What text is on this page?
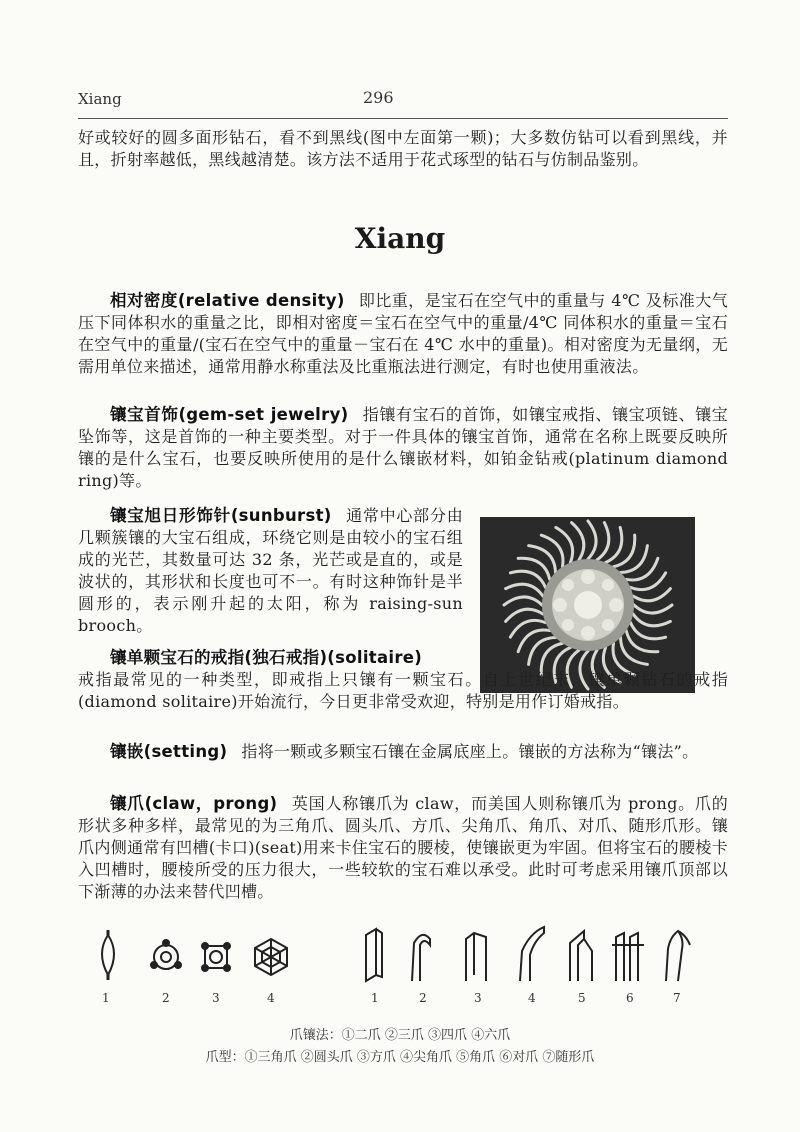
Xiang	296

好或较好的圆多面形钻石，看不到黑线(图中左面第一颗)；大多数仿钻可以看到黑线，并且，折射率越低，黑线越清楚。该方法不适用于花式琢型的钻石与仿制品鉴别。

Xiang

相对密度(relative density) 即比重，是宝石在空气中的重量与 4℃ 及标准大气压下同体积水的重量之比，即相对密度＝宝石在空气中的重量/4℃ 同体积水的重量＝宝石在空气中的重量/(宝石在空气中的重量－宝石在 4℃ 水中的重量)。相对密度为无量纲，无需用单位来描述，通常用静水称重法及比重瓶法进行测定，有时也使用重液法。

镶宝首饰(gem-set jewelry) 指镶有宝石的首饰，如镶宝戒指、镶宝项链、镶宝坠饰等，这是首饰的一种主要类型。对于一件具体的镶宝首饰，通常在名称上既要反映所镶的是什么宝石，也要反映所使用的是什么镶嵌材料，如铂金钻戒(platinum diamond ring)等。

镶宝旭日形饰针(sunburst) 通常中心部分由几颗簇镶的大宝石组成，环绕它则是由较小的宝石组成的光芒，其数量可达 32 条，光芒或是直的，或是波状的，其形状和长度也可不一。有时这种饰针是半圆形的，表示刚升起的太阳，称为 raising-sun brooch。

镶单颗宝石的戒指(独石戒指)(solitaire)
戒指最常见的一种类型，即戒指上只镶有一颗宝石。自上世纪末，镶单颗钻石的戒指(diamond solitaire)开始流行，今日更非常受欢迎，特别是用作订婚戒指。

镶嵌(setting) 指将一颗或多颗宝石镶在金属底座上。镶嵌的方法称为“镶法”。

镶爪(claw，prong) 英国人称镶爪为 claw，而美国人则称镶爪为 prong。爪的形状多种多样，最常见的为三角爪、圆头爪、方爪、尖角爪、角爪、对爪、随形爪形。镶爪内侧通常有凹槽(卡口)(seat)用来卡住宝石的腰棱，使镶嵌更为牢固。但将宝石的腰棱卡入凹槽时，腰棱所受的压力很大，一些较软的宝石难以承受。此时可考虑采用镶爪顶部以下渐薄的办法来替代凹槽。

1	2	3	4	1	2	3	4	5	6	7
爪镶法：①二爪 ②三爪 ③四爪 ④六爪
爪型：①三角爪 ②圆头爪 ③方爪 ④尖角爪 ⑤角爪 ⑥对爪 ⑦随形爪
